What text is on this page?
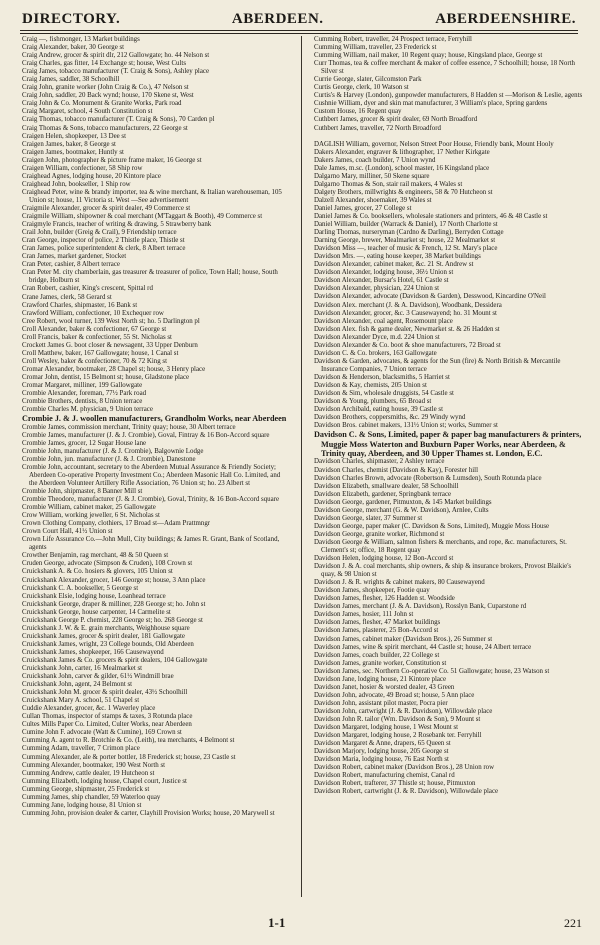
DIRECTORY.	ABERDEEN.	ABERDEENSHIRE.

Craig —, fishmonger, 13 Market buildings

Craig Alexander, baker, 30 George st

Craig Andrew, grocer & spirit dlr, 212 Gallowgate; ho. 44 Nelson st

Craig Charles, gas fitter, 14 Exchange st; house, West Cults

Craig James, tobacco manufacturer (T. Craig & Sons), Ashley place

Craig James, saddler, 38 Schoolhill

Craig John, granite worker (John Craig & Co.), 47 Nelson st

Craig John, saddler, 20 Back wynd; house, 170 Skene st, West

Craig John & Co. Monument & Granite Works, Park road

Craig Margaret, school, 4 South Constitution st

Craig Thomas, tobacco manufacturer (T. Craig & Sons), 70 Carden pl

Craig Thomas & Sons, tobacco manufacturers, 22 George st

Craigen Helen, shopkeeper, 13 Dee st

Craigen James, baker, 8 George st

Craigen James, bootmaker, Huntly st

Craigen John, photographer & picture frame maker, 16 George st

Craigen William, confectioner, 58 Ship row

Craighead Agnes, lodging house, 20 Kintore place

Craighead John, bookseller, 1 Ship row

Craighead Peter, wine & brandy importer, tea & wine merchant, & Italian warehouseman, 105 Union st; house, 11 Victoria st. West —See advertisement

Craigmile Alexander, grocer & spirit dealer, 49 Commerce st

Craigmile William, shipowner & coal merchant (M'Taggart & Booth), 49 Commerce st

Craigmyle Francis, teacher of writing & drawing, 5 Strawberry bank

Crail John, builder (Greig & Crail), 9 Friendship terrace

Cran George, inspector of police, 2 Thistle place, Thistle st

Cran James, police superintendent & clerk, 8 Albert terrace

Cran James, market gardener, Stocket

Cran Peter, cashier, 8 Albert terrace

Cran Peter M. city chamberlain, gas treasurer & treasurer of police, Town Hall; house, South bridge, Holburn st

Cran Robert, cashier, King's crescent, Spittal rd

Crane James, clerk, 58 Gerard st

Crawford Charles, shipmaster, 16 Bank st

Crawford William, confectioner, 10 Exchequer row

Cree Robert, wool turner, 139 West North st; ho. 5 Darlington pl

Croll Alexander, baker & confectioner, 67 George st

Croll Francis, baker & confectioner, 55 St. Nicholas st

Crockett James G. boot closer & newsagent, 33 Upper Denburn

Croll Matthew, baker, 167 Gallowgate; house, 1 Canal st

Croll Wesley, baker & confectioner, 70 & 72 King st

Cromar Alexander, bootmaker, 28 Chapel st; house, 3 Henry place

Cromar John, dentist, 15 Belmont st; house, Gladstone place

Cromar Margaret, milliner, 199 Gallowgate

Crombie Alexander, foreman, 77½ Park road

Crombie Brothers, dentists, 8 Union terrace

Crombie Charles M. physician, 9 Union terrace

Crombie J. & J. woollen manufacturers, Grandholm Works, near Aberdeen

Crombie James, commission merchant, Trinity quay; house, 30 Albert terrace

Crombie James, manufacturer (J. & J. Crombie), Goval, Fintray & 16 Bon-Accord square

Crombie James, grocer, 12 Sugar House lane

Crombie John, manufacturer (J. & J. Crombie), Balgownie Lodge

Crombie John, jun. manufacturer (J. & J. Crombie), Danestone

Crombie John, accountant, secretary to the Aberdeen Mutual Assurance & Friendly Society; Aberdeen Co-operative Property Investment Co.; Aberdeen Masonic Hall Co. Limited, and the Aberdeen Volunteer Artillery Rifle Association, 76 Union st; ho. 23 Albert st

Crombie John, shipmaster, 8 Banner Mill st

Crombie Theodore, manufacturer (J. & J. Crombie), Goval, Trinity, & 16 Bon-Accord square

Crombie William, cabinet maker, 25 Gallowgate

Crow William, working jeweller, 6 St. Nicholas st

Crown Clothing Company, clothiers, 17 Broad st—Adam Prattmngr

Crown Court Hall, 41½ Union st

Crown Life Assurance Co.—John Mull, City buildings; & James R. Grant, Bank of Scotland, agents

Crowther Benjamin, rag merchant, 48 & 50 Queen st

Cruden George, advocate (Simpson & Cruden), 108 Crown st

Cruickshank A. & Co. hosiers & glovers, 105 Union st

Cruickshank Alexander, grocer, 146 George st; house, 3 Ann place

Cruickshank C. A. bookseller, 5 George st

Cruickshank Elsie, lodging house, Loanhead terrace

Cruickshank George, draper & milliner, 228 George st; ho. John st

Cruickshank George, house carpenter, 14 Carmelite st

Cruickshank George P. chemist, 228 George st; ho. 268 George st

Cruickshank J. W. & E. grain merchants, Weighhouse square

Cruickshank James, grocer & spirit dealer, 181 Gallowgate

Cruickshank James, wright, 23 College bounds, Old Aberdeen

Cruickshank James, shopkeeper, 166 Causewayend

Cruickshank James & Co. grocers & spirit dealers, 104 Gallowgate

Cruickshank John, carter, 16 Mealmarket st

Cruickshank John, carver & gilder, 61½ Windmill brae

Cruickshank John, agent, 24 Belmont st

Cruickshank John M. grocer & spirit dealer, 43½ Schoolhill

Cruickshank Mary A. school, 51 Chapel st

Cuddie Alexander, grocer, &c. 1 Waverley place

Cullan Thomas, inspector of stamps & taxes, 3 Rotunda place

Cultes Mills Paper Co. Limited, Culter Works, near Aberdeen

Cumine John F. advocate (Watt & Cumine), 169 Crown st

Cumming A. agent to R. Brotchie & Co. (Leith), tea merchants, 4 Belmont st

Cumming Adam, traveller, 7 Crimon place

Cumming Alexander, ale & porter bottler, 18 Frederick st; house, 23 Castle st

Cumming Alexander, bootmaker, 190 West North st

Cumming Andrew, cattle dealer, 19 Hutcheon st

Cumming Elizabeth, lodging house, Chapel court, Justice st

Cumming George, shipmaster, 25 Frederick st

Cumming James, ship chandler, 59 Waterloo quay

Cumming Jane, lodging house, 81 Union st

Cumming John, provision dealer & carter, Clayhill Provision Works; house, 20 Marywell st

Cumming Robert, traveller, 24 Prospect terrace, Ferryhill

Cumming William, traveller, 23 Frederick st

Cumming William, nail maker, 10 Regent quay; house, Kingsland place, George st

Curr Thomas, tea & coffee merchant & maker of coffee essence, 7 Schoolhill; house, 18 North Silver st

Currie George, slater, Gilcomston Park

Curtis George, clerk, 10 Watson st

Curtis's & Harvey (London), gunpowder manufacturers, 8 Hadden st —Morison & Leslie, agents

Cushnie William, dyer and skin mat manufacturer, 3 William's place, Spring gardens

Custom House, 16 Regent quay

Cuthbert James, grocer & spirit dealer, 69 North Broadford

Cuthbert James, traveller, 72 North Broadford

DAGLISH William, governor, Nelson Street Poor House, Friendly bank, Mount Hooly

Dakers Alexander, engraver & lithographer, 17 Nether Kirkgate

Dakers James, coach builder, 7 Union wynd

Dale James, m.sc. (London), school master, 16 Kingsland place

Dalgarno Mary, milliner, 50 Skene square

Dalgarno Thomas & Son, stair rail makers, 4 Wales st

Dalgety Brothers, millwrights & engineers, 58 & 70 Hutcheon st

Dalzell Alexander, shoemaker, 39 Wales st

Daniel James, grocer, 27 College st

Daniel James & Co. booksellers, wholesale stationers and printers, 46 & 48 Castle st

Daniel William, builder (Warrack & Daniel), 17 North Charlotte st

Darling Thomas, nurseryman (Cardno & Darling), Berryden Cottage

Darning George, brewer, Mealmarket st; house, 22 Mealmarket st

Davidson Miss —, teacher of music & French, 12 St. Mary's place

Davidson Mrs. —, eating house keeper, 38 Market buildings

Davidson Alexander, cabinet maker, &c. 21 St. Andrew st

Davidson Alexander, lodging house, 36½ Union st

Davidson Alexander, Bursar's Hotel, 61 Castle st

Davidson Alexander, physician, 224 Union st

Davidson Alexander, advocate (Davidson & Garden), Desswood, Kincardine O'Neil

Davidson Alex. merchant (J. & A. Davidson), Woodbank, Dessidera

Davidson Alexander, grocer, &c. 3 Causewayend; ho. 31 Mount st

Davidson Alexander, coal agent, Rosemount place

Davidson Alex. fish & game dealer, Newmarket st. & 26 Hadden st

Davidson Alexander Dyce, m.d. 224 Union st

Davidson Alexander & Co. boot & shoe manufacturers, 72 Broad st

Davidson C. & Co. brokers, 163 Gallowgate

Davidson & Garden, advocates, & agents for the Sun (fire) & North British & Mercantile Insurance Companies, 7 Union terrace

Davidson & Henderson, blacksmiths, 5 Harriet st

Davidson & Kay, chemists, 205 Union st

Davidson & Sim, wholesale druggists, 54 Castle st

Davidson & Young, plumbers, 65 Broad st

Davidson Archibald, eating house, 39 Castle st

Davidson Brothers, coppersmiths, &c. 29 Windy wynd

Davidson Bros. cabinet makers, 131½ Union st; works, Summer st

Davidson C. & Sons, Limited, paper & paper bag manufacturers & printers, Muggie Moss Waterton and Buxburn Paper Works, near Aberdeen, & Trinity quay, Aberdeen, and 30 Upper Thames st. London, E.C.

Davidson Charles, shipmaster, 2 Ashley terrace

Davidson Charles, chemist (Davidson & Kay), Forester hill

Davidson Charles Brown, advocate (Robertson & Lumsden), South Rotunda place

Davidson Elizabeth, smallware dealer, 58 Schoolhill

Davidson Elizabeth, gardener, Springbank terrace

Davidson George, gardener, Pitmuxton, & 145 Market buildings

Davidson George, merchant (G. & W. Davidson), Arnlee, Cults

Davidson George, slater, 37 Summer st

Davidson George, paper maker (C. Davidson & Sons, Limited), Muggie Moss House

Davidson George, granite worker, Richmond st

Davidson George & William, salmon fishers & merchants, and rope, &c. manufacturers, St. Clement's st; office, 18 Regent quay

Davidson Helen, lodging house, 12 Bon-Accord st

Davidson J. & A. coal merchants, ship owners, & ship & insurance brokers, Provost Blaikie's quay, & 98 Union st

Davidson J. & R. wrights & cabinet makers, 80 Causewayend

Davidson James, shopkeeper, Footie quay

Davidson James, flesher, 126 Hadden st. Woodside

Davidson James, merchant (J. & A. Davidson), Rosslyn Bank, Cuparstone rd

Davidson James, hosier, 111 John st

Davidson James, flesher, 47 Market buildings

Davidson James, plasterer, 25 Bon-Accord st

Davidson James, cabinet maker (Davidson Bros.), 26 Summer st

Davidson James, wine & spirit merchant, 44 Castle st; house, 24 Albert terrace

Davidson James, coach builder, 22 College st

Davidson James, granite worker, Constitution st

Davidson James, sec. Northern Co-operative Co. 51 Gallowgate; house, 23 Watson st

Davidson Jane, lodging house, 21 Kintore place

Davidson Janet, hosier & worsted dealer, 43 Green

Davidson John, advocate, 49 Broad st; house, 5 Ann place

Davidson John, assistant pilot master, Pocra pier

Davidson John, cartwright (J. & R. Davidson), Willowdale place

Davidson John R. tailor (Wm. Davidson & Son), 9 Mount st

Davidson Margaret, lodging house, 1 West Mount st

Davidson Margaret, lodging house, 2 Rosebank ter. Ferryhill

Davidson Margaret & Anne, drapers, 65 Queen st

Davidson Marjory, lodging house, 205 George st

Davidson Maria, lodging house, 76 East North st

Davidson Robert, cabinet maker (Davidson Bros.), 28 Union row

Davidson Robert, manufacturing chemist, Canal rd

Davidson Robert, trafterer, 37 Thistle st; house, Pitmuxton

Davidson Robert, cartwright (J. & R. Davidson), Willowdale place

1-1	221
